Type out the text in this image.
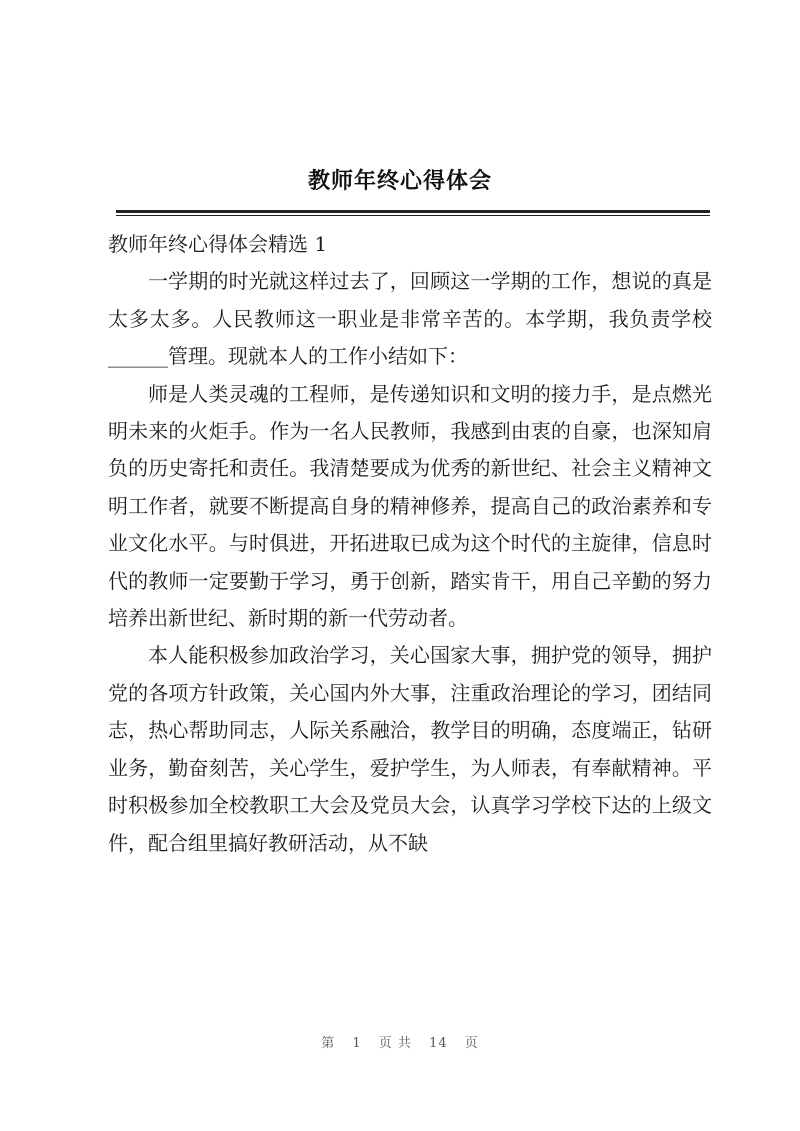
教师年终心得体会

教师年终心得体会精选 1

一学期的时光就这样过去了，回顾这一学期的工作，想说的真是太多太多。人民教师这一职业是非常辛苦的。本学期，我负责学校______管理。现就本人的工作小结如下：

师是人类灵魂的工程师，是传递知识和文明的接力手，是点燃光明未来的火炬手。作为一名人民教师，我感到由衷的自豪，也深知肩负的历史寄托和责任。我清楚要成为优秀的新世纪、社会主义精神文明工作者，就要不断提高自身的精神修养，提高自己的政治素养和专业文化水平。与时俱进，开拓进取已成为这个时代的主旋律，信息时代的教师一定要勤于学习，勇于创新，踏实肯干，用自己辛勤的努力培养出新世纪、新时期的新一代劳动者。

本人能积极参加政治学习，关心国家大事，拥护党的领导，拥护党的各项方针政策，关心国内外大事，注重政治理论的学习，团结同志，热心帮助同志，人际关系融洽，教学目的明确，态度端正，钻研业务，勤奋刻苦，关心学生，爱护学生，为人师表，有奉献精神。平时积极参加全校教职工大会及党员大会，认真学习学校下达的上级文件，配合组里搞好教研活动，从不缺

第 1 页 共 14 页
